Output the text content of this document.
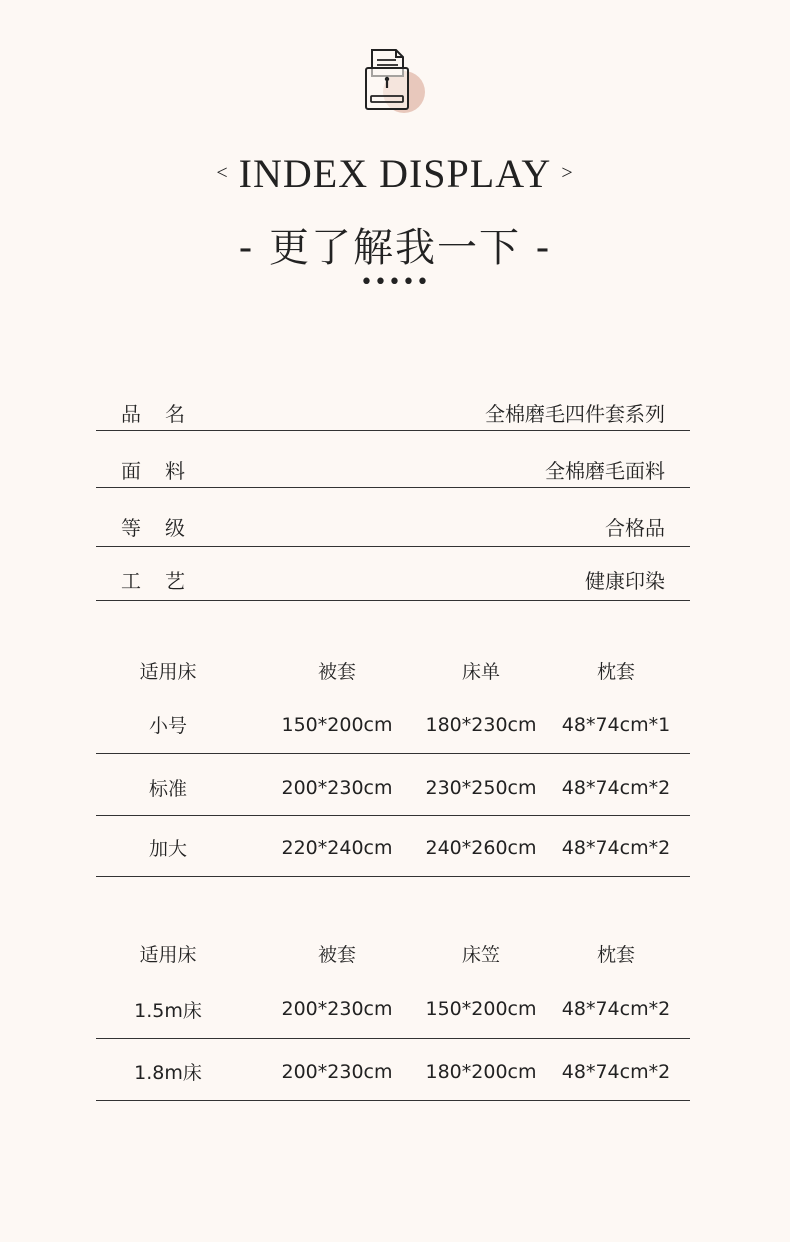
< INDEX DISPLAY >
- 更了解我一下 -
•••••
品名	全棉磨毛四件套系列
面料	全棉磨毛面料
等级	合格品
工艺	健康印染
适用床	被套	床单	枕套
小号	150*200cm	180*230cm	48*74cm*1
标准	200*230cm	230*250cm	48*74cm*2
加大	220*240cm	240*260cm	48*74cm*2
适用床	被套	床笠	枕套
1.5m床	200*230cm	150*200cm	48*74cm*2
1.8m床	200*230cm	180*200cm	48*74cm*2
